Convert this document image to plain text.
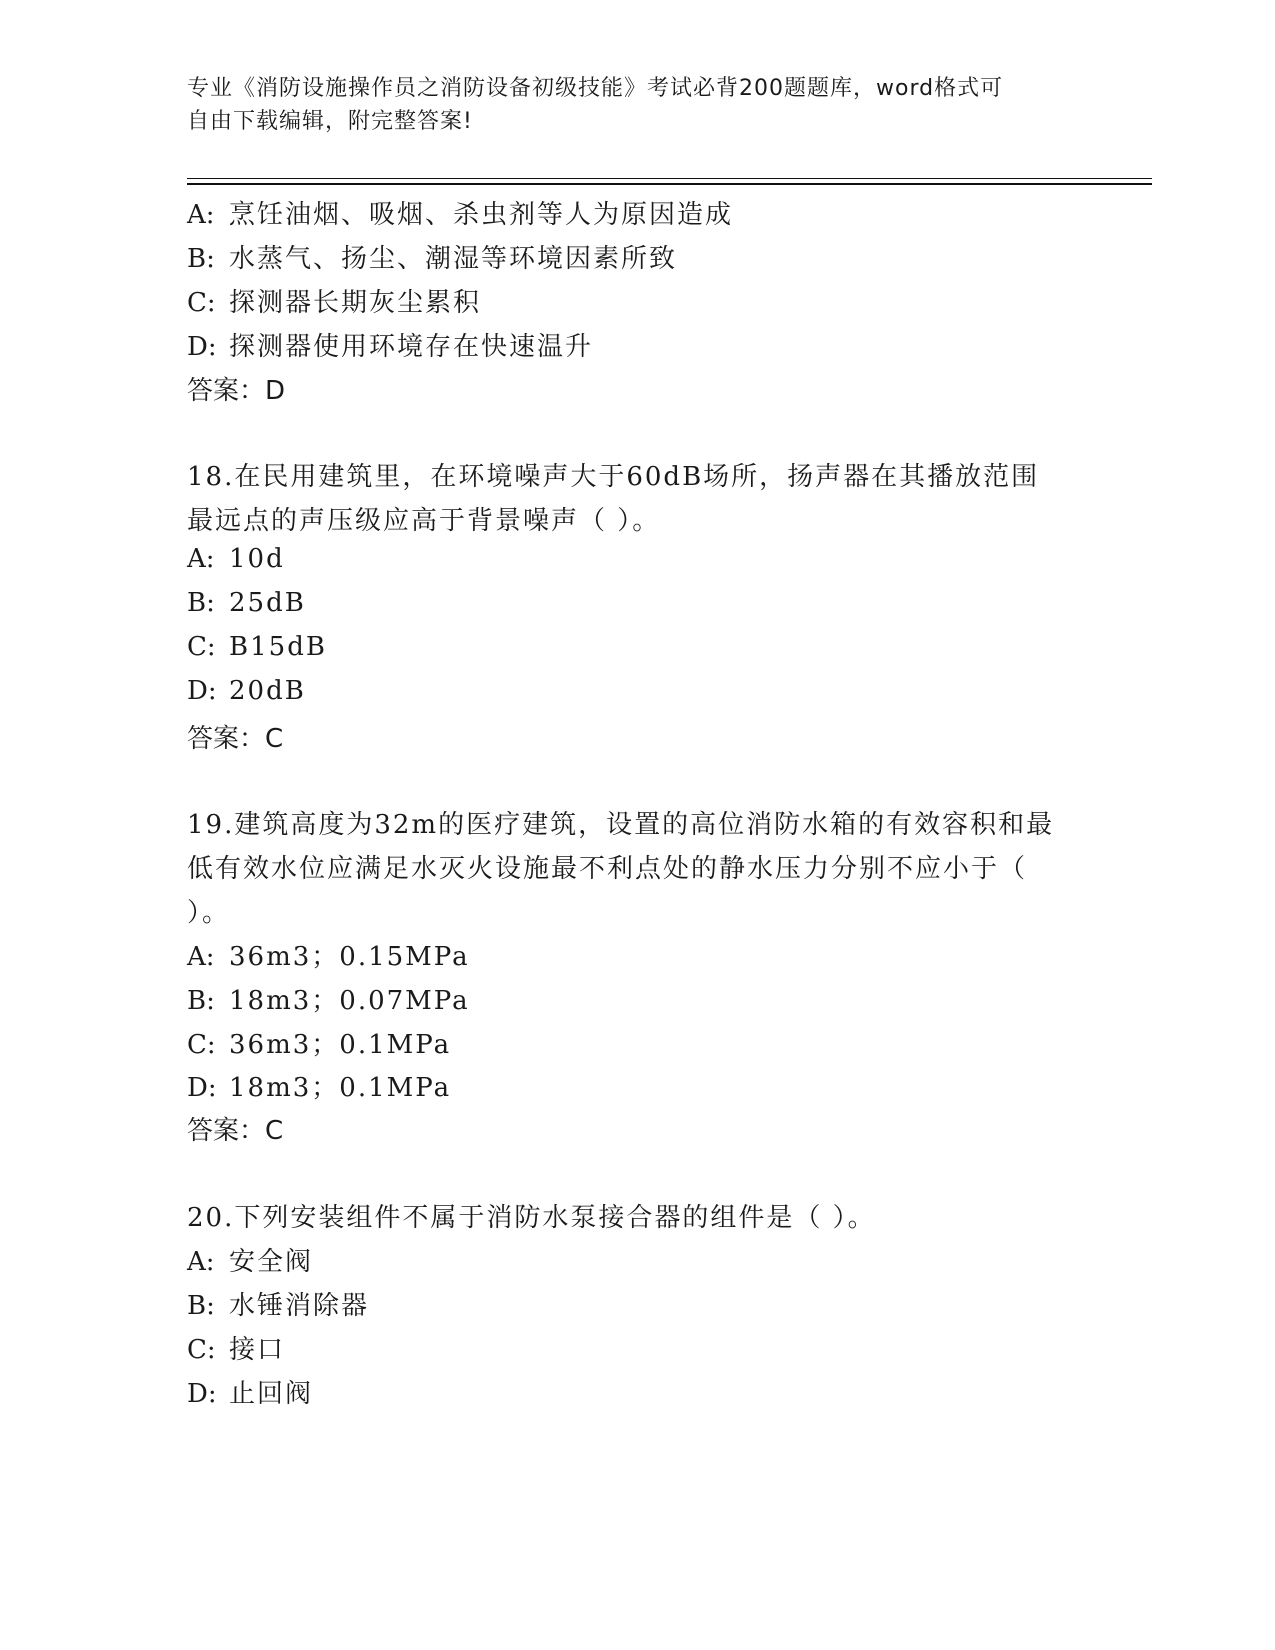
专业《消防设施操作员之消防设备初级技能》考试必背200题题库，word格式可
自由下载编辑，附完整答案!
A: 烹饪油烟、吸烟、杀虫剂等人为原因造成
B: 水蒸气、扬尘、潮湿等环境因素所致
C: 探测器长期灰尘累积
D: 探测器使用环境存在快速温升
答案：D
18.在民用建筑里，在环境噪声大于60dB场所，扬声器在其播放范围
最远点的声压级应高于背景噪声（ ）。
A: 10d
B: 25dB
C: B15dB
D: 20dB
答案：C
19.建筑高度为32m的医疗建筑，设置的高位消防水箱的有效容积和最
低有效水位应满足水灭火设施最不利点处的静水压力分别不应小于（
）。
A: 36m3；0.15MPa
B: 18m3；0.07MPa
C: 36m3；0.1MPa
D: 18m3；0.1MPa
答案：C
20.下列安装组件不属于消防水泵接合器的组件是（ ）。
A: 安全阀
B: 水锤消除器
C: 接口
D: 止回阀
